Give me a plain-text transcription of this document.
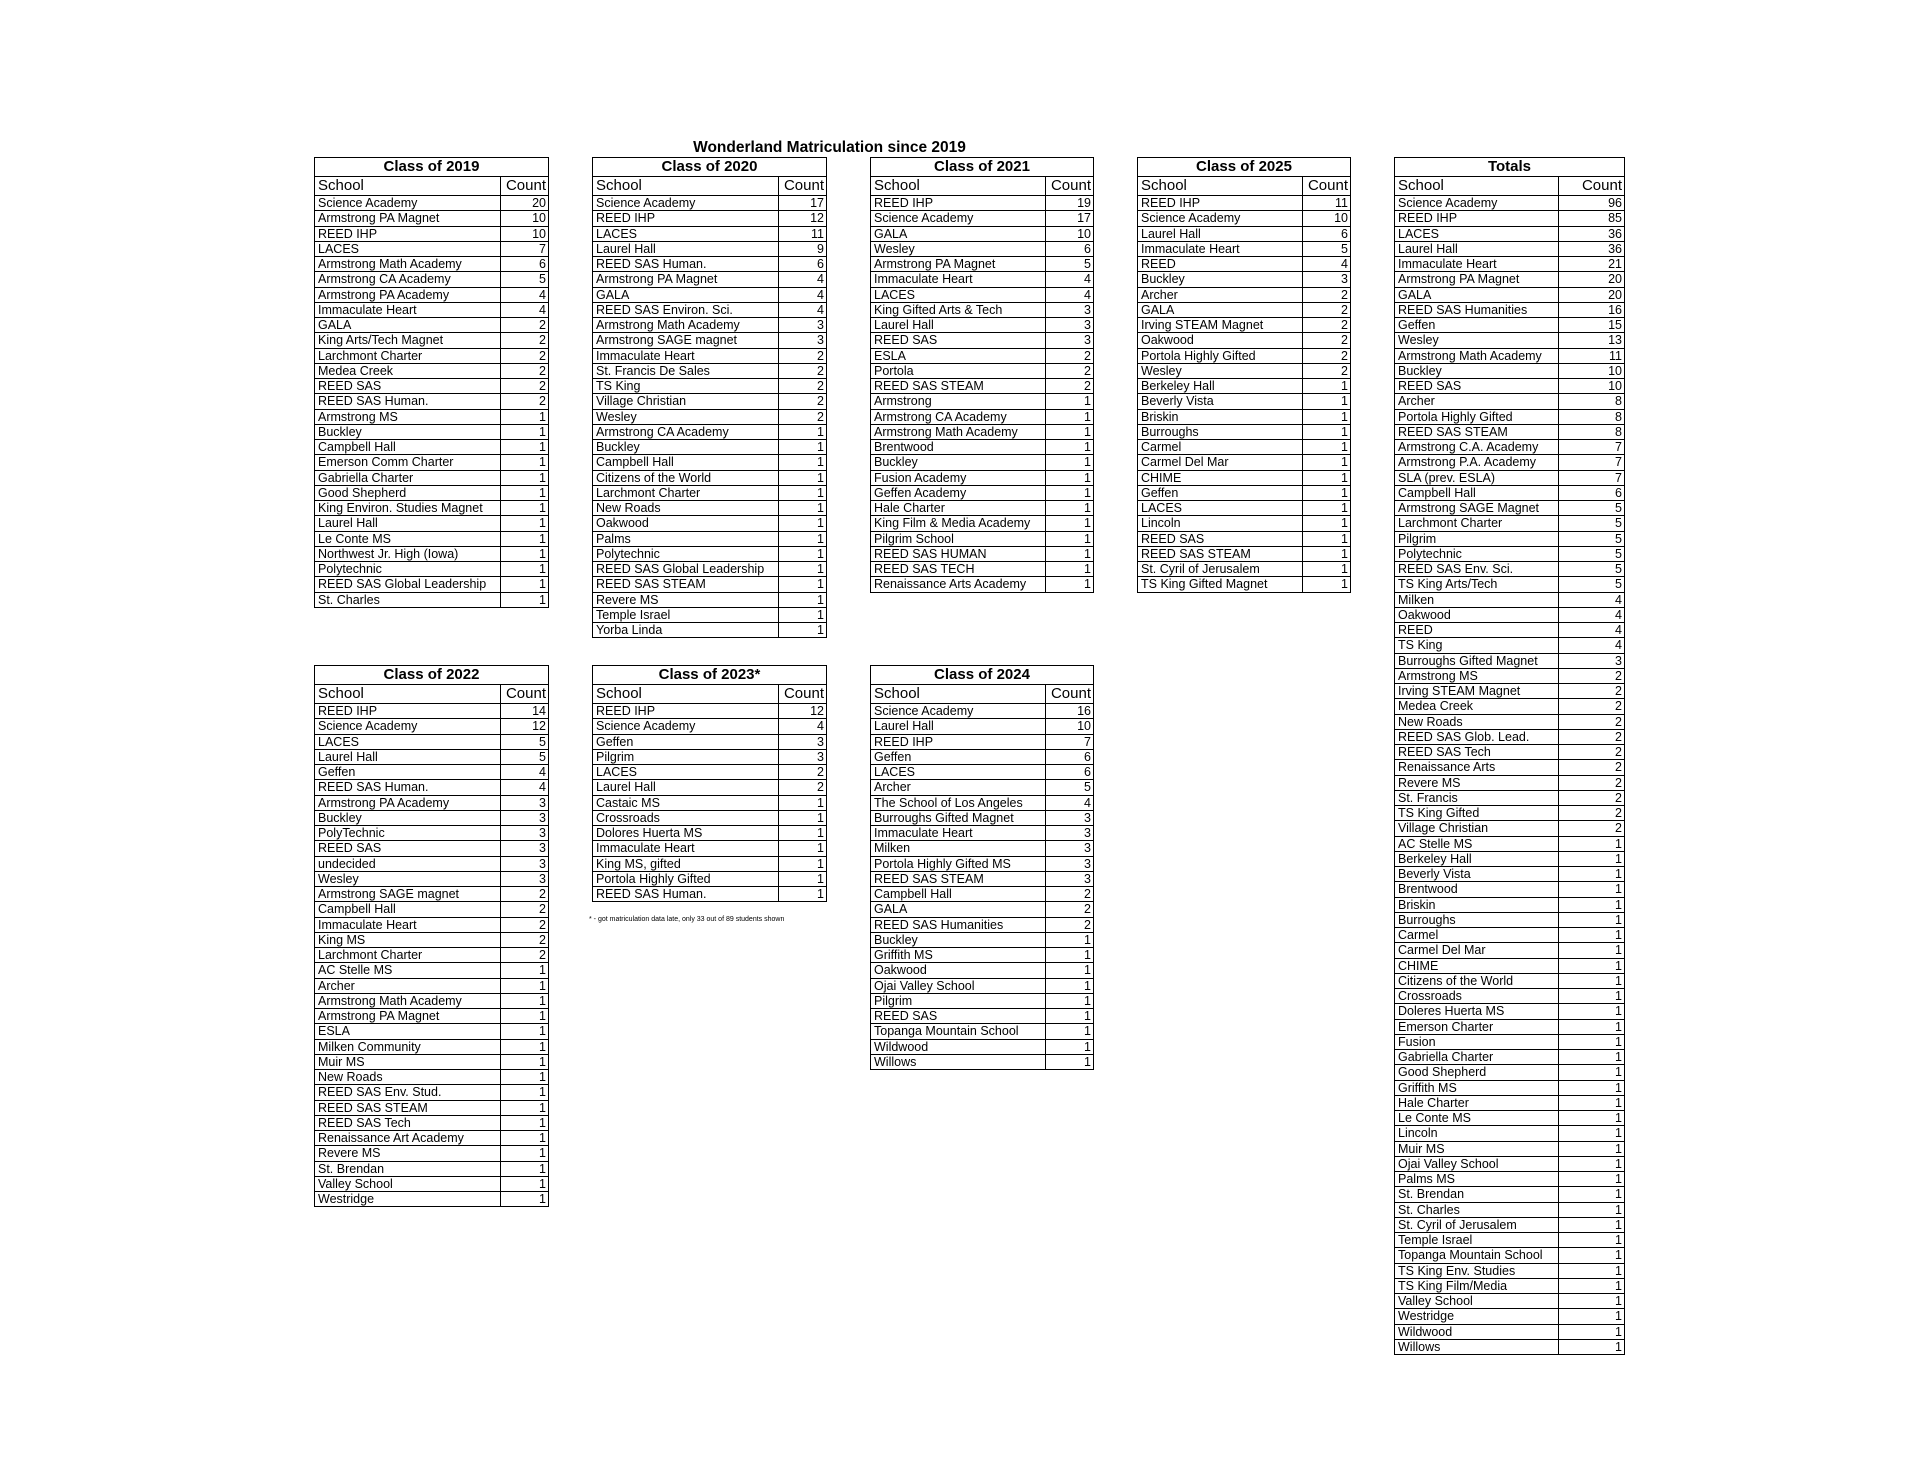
Wonderland Matriculation since 2019
Class of 2019	
School	Count
Science Academy	20
Armstrong PA Magnet	10
REED IHP	10
LACES	7
Armstrong Math Academy	6
Armstrong CA Academy	5
Armstrong PA Academy	4
Immaculate Heart	4
GALA	2
King Arts/Tech Magnet	2
Larchmont Charter	2
Medea Creek	2
REED SAS	2
REED SAS Human.	2
Armstrong MS	1
Buckley	1
Campbell Hall	1
Emerson Comm Charter	1
Gabriella Charter	1
Good Shepherd	1
King Environ. Studies Magnet	1
Laurel Hall	1
Le Conte MS	1
Northwest Jr. High (Iowa)	1
Polytechnic	1
REED SAS Global Leadership	1
St. Charles	1
Class of 2020	
School	Count
Science Academy	17
REED IHP	12
LACES	11
Laurel Hall	9
REED SAS Human.	6
Armstrong PA Magnet	4
GALA	4
REED SAS Environ. Sci.	4
Armstrong Math Academy	3
Armstrong SAGE magnet	3
Immaculate Heart	2
St. Francis De Sales	2
TS King	2
Village Christian	2
Wesley	2
Armstrong CA Academy	1
Buckley	1
Campbell Hall	1
Citizens of the World	1
Larchmont Charter	1
New Roads	1
Oakwood	1
Palms	1
Polytechnic	1
REED SAS Global Leadership	1
REED SAS STEAM	1
Revere MS	1
Temple Israel	1
Yorba Linda	1
Class of 2021	
School	Count
REED IHP	19
Science Academy	17
GALA	10
Wesley	6
Armstrong PA Magnet	5
Immaculate Heart	4
LACES	4
King Gifted Arts & Tech	3
Laurel Hall	3
REED SAS	3
ESLA	2
Portola	2
REED SAS STEAM	2
Armstrong	1
Armstrong CA Academy	1
Armstrong Math Academy	1
Brentwood	1
Buckley	1
Fusion Academy	1
Geffen Academy	1
Hale Charter	1
King Film & Media Academy	1
Pilgrim School	1
REED SAS HUMAN	1
REED SAS TECH	1
Renaissance Arts Academy	1
Class of 2025	
School	Count
REED IHP	11
Science Academy	10
Laurel Hall	6
Immaculate Heart	5
REED	4
Buckley	3
Archer	2
GALA	2
Irving STEAM Magnet	2
Oakwood	2
Portola Highly Gifted	2
Wesley	2
Berkeley Hall	1
Beverly Vista	1
Briskin	1
Burroughs	1
Carmel	1
Carmel Del Mar	1
CHIME	1
Geffen	1
LACES	1
Lincoln	1
REED SAS	1
REED SAS STEAM	1
St. Cyril of Jerusalem	1
TS King Gifted Magnet	1
Totals	
School	Count
Science Academy	96
REED IHP	85
LACES	36
Laurel Hall	36
Immaculate Heart	21
Armstrong PA Magnet	20
GALA	20
REED SAS Humanities	16
Geffen	15
Wesley	13
Armstrong Math Academy	11
Buckley	10
REED SAS	10
Archer	8
Portola Highly Gifted	8
REED SAS STEAM	8
Armstrong C.A. Academy	7
Armstrong P.A. Academy	7
SLA (prev. ESLA)	7
Campbell Hall	6
Armstrong SAGE Magnet	5
Larchmont Charter	5
Pilgrim	5
Polytechnic	5
REED SAS Env. Sci.	5
TS King Arts/Tech	5
Milken	4
Oakwood	4
REED	4
TS King	4
Burroughs Gifted Magnet	3
Armstrong MS	2
Irving STEAM Magnet	2
Medea Creek	2
New Roads	2
REED SAS Glob. Lead.	2
REED SAS Tech	2
Renaissance Arts	2
Revere MS	2
St. Francis	2
TS King Gifted	2
Village Christian	2
AC Stelle MS	1
Berkeley Hall	1
Beverly Vista	1
Brentwood	1
Briskin	1
Burroughs	1
Carmel	1
Carmel Del Mar	1
CHIME	1
Citizens of the World	1
Crossroads	1
Doleres Huerta MS	1
Emerson Charter	1
Fusion	1
Gabriella Charter	1
Good Shepherd	1
Griffith MS	1
Hale Charter	1
Le Conte MS	1
Lincoln	1
Muir MS	1
Ojai Valley School	1
Palms MS	1
St. Brendan	1
St. Charles	1
St. Cyril of Jerusalem	1
Temple Israel	1
Topanga Mountain School	1
TS King Env. Studies	1
TS King Film/Media	1
Valley School	1
Westridge	1
Wildwood	1
Willows	1
Class of 2022	
School	Count
REED IHP	14
Science Academy	12
LACES	5
Laurel Hall	5
Geffen	4
REED SAS Human.	4
Armstrong PA Academy	3
Buckley	3
PolyTechnic	3
REED SAS	3
undecided	3
Wesley	3
Armstrong SAGE magnet	2
Campbell Hall	2
Immaculate Heart	2
King MS	2
Larchmont Charter	2
AC Stelle MS	1
Archer	1
Armstrong Math Academy	1
Armstrong PA Magnet	1
ESLA	1
Milken Community	1
Muir MS	1
New Roads	1
REED SAS Env. Stud.	1
REED SAS STEAM	1
REED SAS Tech	1
Renaissance Art Academy	1
Revere MS	1
St. Brendan	1
Valley School	1
Westridge	1
Class of 2023*	
School	Count
REED IHP	12
Science Academy	4
Geffen	3
Pilgrim	3
LACES	2
Laurel Hall	2
Castaic MS	1
Crossroads	1
Dolores Huerta MS	1
Immaculate Heart	1
King MS, gifted	1
Portola Highly Gifted	1
REED SAS Human.	1
Class of 2024	
School	Count
Science Academy	16
Laurel Hall	10
REED IHP	7
Geffen	6
LACES	6
Archer	5
The School of Los Angeles	4
Burroughs Gifted Magnet	3
Immaculate Heart	3
Milken	3
Portola Highly Gifted MS	3
REED SAS STEAM	3
Campbell Hall	2
GALA	2
REED SAS Humanities	2
Buckley	1
Griffith MS	1
Oakwood	1
Ojai Valley School	1
Pilgrim	1
REED SAS	1
Topanga Mountain School	1
Wildwood	1
Willows	1
* - got matriculation data late, only 33 out of 89 students shown
